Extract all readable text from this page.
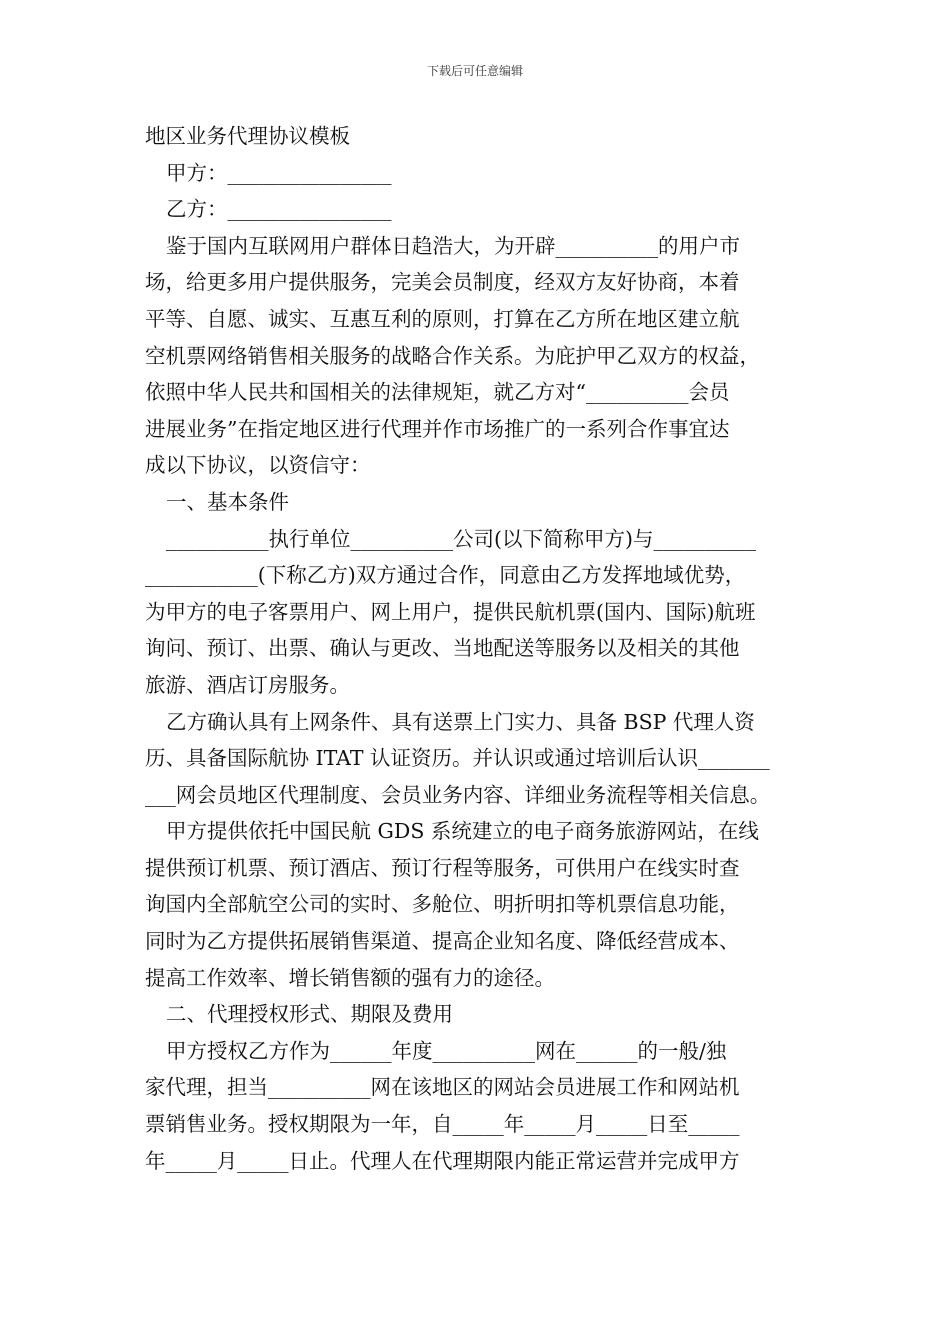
下载后可任意编辑
地区业务代理协议模板
甲方：________________
乙方：________________
鉴于国内互联网用户群体日趋浩大，为开辟__________的用户市
场，给更多用户提供服务，完美会员制度，经双方友好协商，本着
平等、自愿、诚实、互惠互利的原则，打算在乙方所在地区建立航
空机票网络销售相关服务的战略合作关系。为庇护甲乙双方的权益，
依照中华人民共和国相关的法律规矩，就乙方对“__________会员
进展业务”在指定地区进行代理并作市场推广的一系列合作事宜达
成以下协议，以资信守：
一、基本条件
__________执行单位__________公司(以下简称甲方)与__________
___________(下称乙方)双方通过合作，同意由乙方发挥地域优势，
为甲方的电子客票用户、网上用户，提供民航机票(国内、国际)航班
询问、预订、出票、确认与更改、当地配送等服务以及相关的其他
旅游、酒店订房服务。
乙方确认具有上网条件、具有送票上门实力、具备 BSP 代理人资
历、具备国际航协 ITAT 认证资历。并认识或通过培训后认识_______
___网会员地区代理制度、会员业务内容、详细业务流程等相关信息。
甲方提供依托中国民航 GDS 系统建立的电子商务旅游网站，在线
提供预订机票、预订酒店、预订行程等服务，可供用户在线实时查
询国内全部航空公司的实时、多舱位、明折明扣等机票信息功能，
同时为乙方提供拓展销售渠道、提高企业知名度、降低经营成本、
提高工作效率、增长销售额的强有力的途径。
二、代理授权形式、期限及费用
甲方授权乙方作为______年度__________网在______的一般/独
家代理，担当__________网在该地区的网站会员进展工作和网站机
票销售业务。授权期限为一年，自_____年_____月_____日至_____
年_____月_____日止。代理人在代理期限内能正常运营并完成甲方
